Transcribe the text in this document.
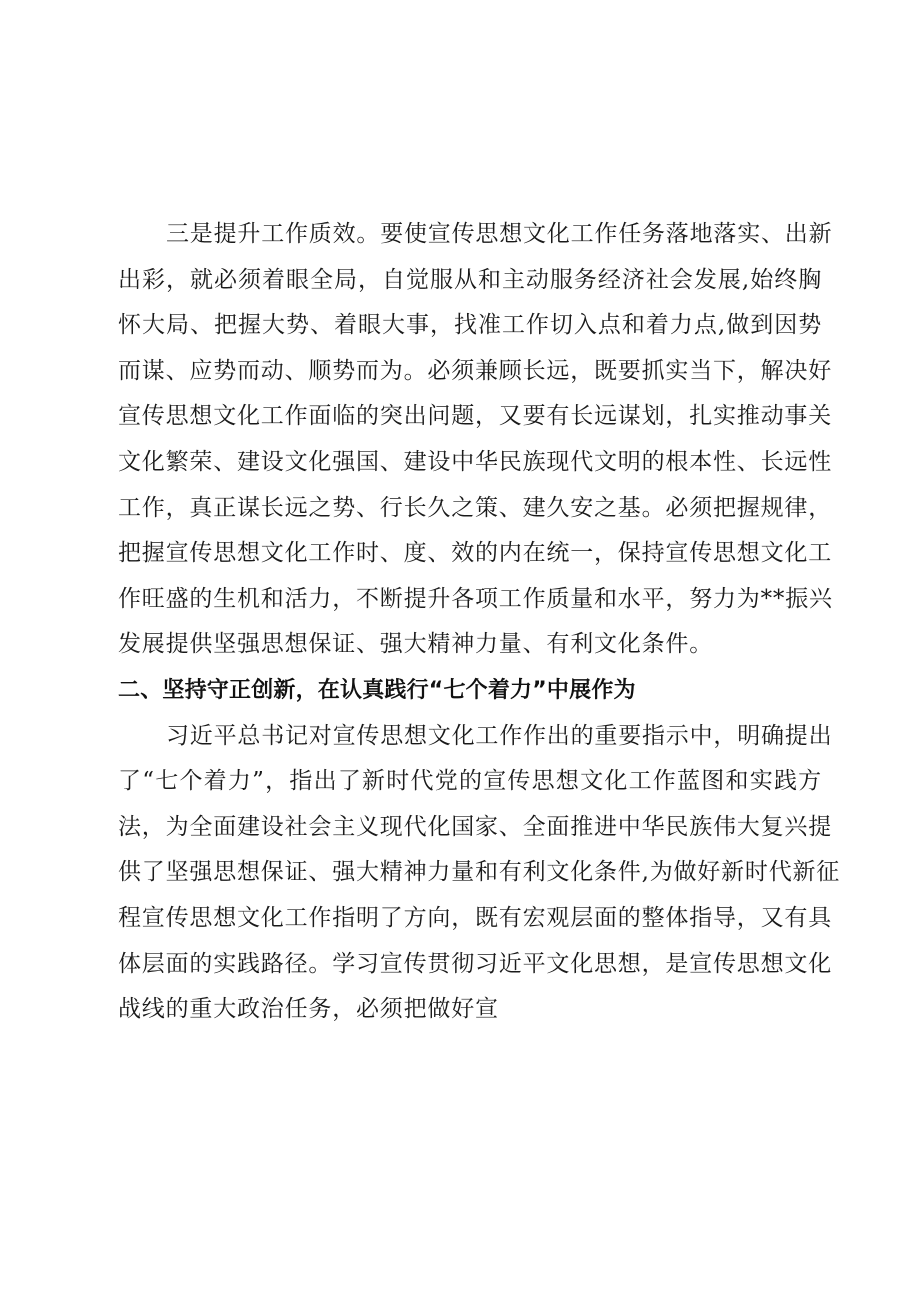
三是提升工作质效。要使宣传思想文化工作任务落地落实、出新
出彩，就必须着眼全局，自觉服从和主动服务经济社会发展,始终胸
怀大局、把握大势、着眼大事，找准工作切入点和着力点,做到因势
而谋、应势而动、顺势而为。必须兼顾长远，既要抓实当下，解决好
宣传思想文化工作面临的突出问题，又要有长远谋划，扎实推动事关
文化繁荣、建设文化强国、建设中华民族现代文明的根本性、长远性
工作，真正谋长远之势、行长久之策、建久安之基。必须把握规律，
把握宣传思想文化工作时、度、效的内在统一，保持宣传思想文化工
作旺盛的生机和活力，不断提升各项工作质量和水平，努力为**振兴
发展提供坚强思想保证、强大精神力量、有利文化条件。

二、坚持守正创新，在认真践行“七个着力”中展作为

习近平总书记对宣传思想文化工作作出的重要指示中，明确提出
了“七个着力”，指出了新时代党的宣传思想文化工作蓝图和实践方
法，为全面建设社会主义现代化国家、全面推进中华民族伟大复兴提
供了坚强思想保证、强大精神力量和有利文化条件,为做好新时代新征
程宣传思想文化工作指明了方向，既有宏观层面的整体指导，又有具
体层面的实践路径。学习宣传贯彻习近平文化思想，是宣传思想文化
战线的重大政治任务，必须把做好宣
